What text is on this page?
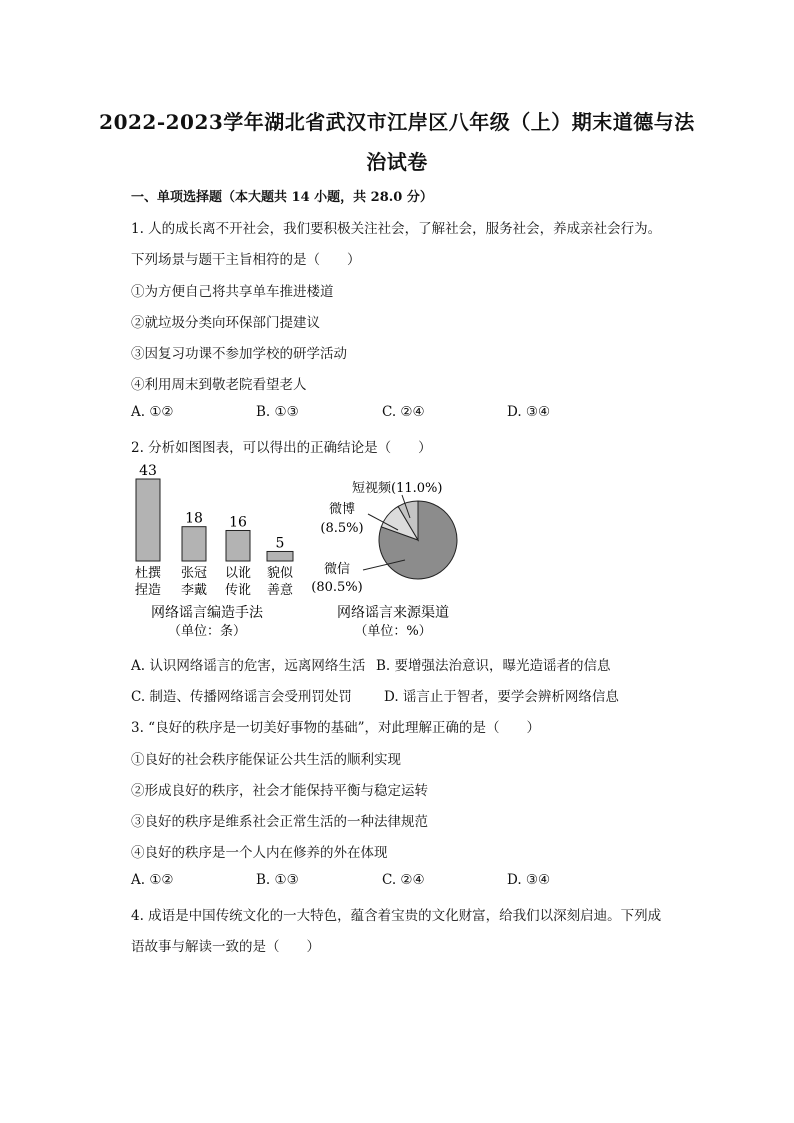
2022-2023学年湖北省武汉市江岸区八年级（上）期末道德与法
治试卷
一、单项选择题（本大题共 14 小题，共 28.0 分）
1. 人的成长离不开社会，我们要积极关注社会，了解社会，服务社会，养成亲社会行为。
下列场景与题干主旨相符的是（　　）
①为方便自己将共享单车推进楼道
②就垃圾分类向环保部门提建议
③因复习功课不参加学校的研学活动
④利用周末到敬老院看望老人
A. ①②	B. ①③	C. ②④	D. ③④
2. 分析如图图表，可以得出的正确结论是（　　）
43
杜撰
捏造
18
张冠
李戴
16
以讹
传讹
5
貌似
善意
网络谣言编造手法
（单位：条）
微信
(80.5%)
短视频(11.0%)
微博
(8.5%)
网络谣言来源渠道
（单位：%）
A. 认识网络谣言的危害，远离网络生活 B. 要增强法治意识，曝光造谣者的信息
C. 制造、传播网络谣言会受刑罚处罚 D. 谣言止于智者，要学会辨析网络信息
3. “良好的秩序是一切美好事物的基础”，对此理解正确的是（　　）
①良好的社会秩序能保证公共生活的顺利实现
②形成良好的秩序，社会才能保持平衡与稳定运转
③良好的秩序是维系社会正常生活的一种法律规范
④良好的秩序是一个人内在修养的外在体现
A. ①②	B. ①③	C. ②④	D. ③④
4. 成语是中国传统文化的一大特色，蕴含着宝贵的文化财富，给我们以深刻启迪。下列成
语故事与解读一致的是（　　）
